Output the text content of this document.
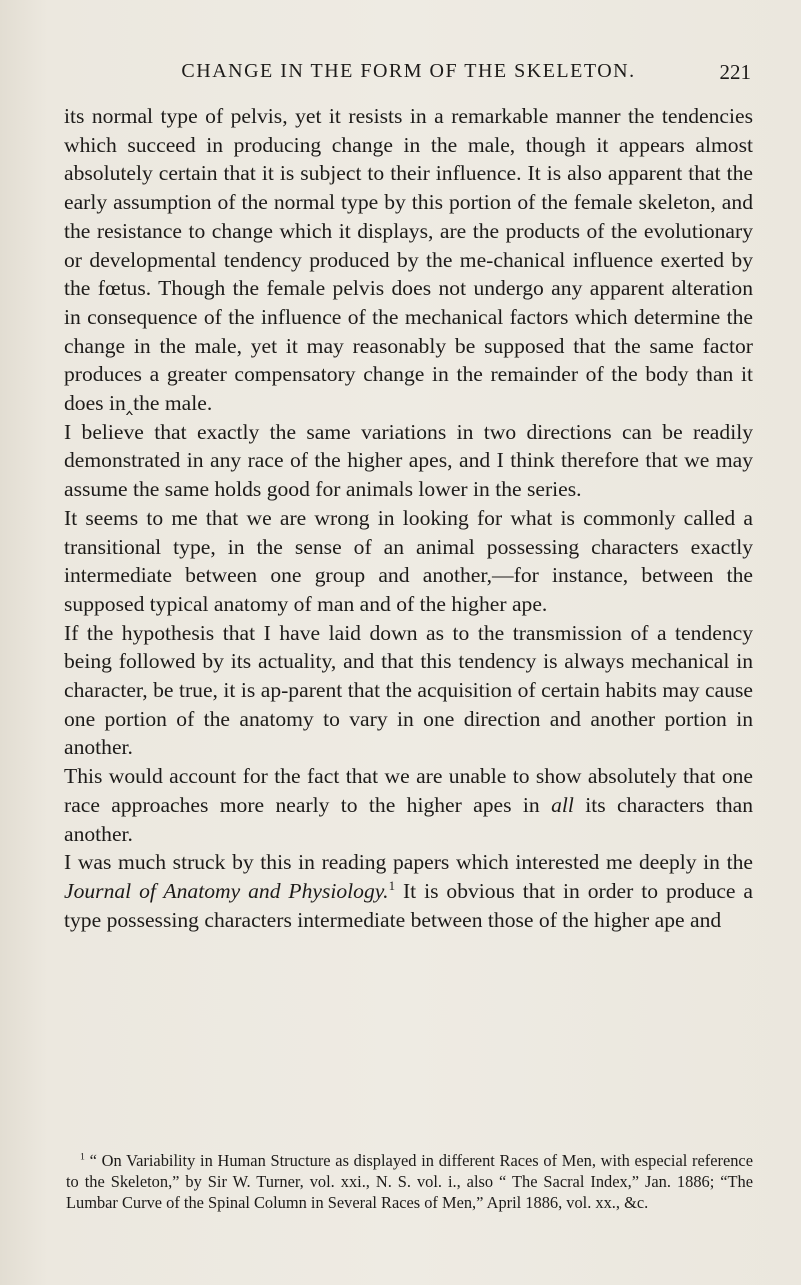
CHANGE IN THE FORM OF THE SKELETON.	221

its normal type of pelvis, yet it resists in a remarkable manner the tendencies which succeed in producing change in the male, though it appears almost absolutely certain that it is subject to their influence. It is also apparent that the early assumption of the normal type by this portion of the female skeleton, and the resistance to change which it displays, are the products of the evolutionary or developmental tendency produced by the me-chanical influence exerted by the fœtus. Though the female pelvis does not undergo any apparent alteration in consequence of the influence of the mechanical factors which determine the change in the male, yet it may reasonably be supposed that the same factor produces a greater compensatory change in the remainder of the body than it does in‸the male.

I believe that exactly the same variations in two directions can be readily demonstrated in any race of the higher apes, and I think therefore that we may assume the same holds good for animals lower in the series.

It seems to me that we are wrong in looking for what is commonly called a transitional type, in the sense of an animal possessing characters exactly intermediate between one group and another,—for instance, between the supposed typical anatomy of man and of the higher ape.

If the hypothesis that I have laid down as to the transmission of a tendency being followed by its actuality, and that this tendency is always mechanical in character, be true, it is ap-parent that the acquisition of certain habits may cause one portion of the anatomy to vary in one direction and another portion in another.

This would account for the fact that we are unable to show absolutely that one race approaches more nearly to the higher apes in all its characters than another.

I was much struck by this in reading papers which interested me deeply in the Journal of Anatomy and Physiology.$^1$ It is obvious that in order to produce a type possessing characters intermediate between those of the higher ape and

$^1$ “ On Variability in Human Structure as displayed in different Races of Men, with especial reference to the Skeleton,” by Sir W. Turner, vol. xxi., N. S. vol. i., also “ The Sacral Index,” Jan. 1886; “The Lumbar Curve of the Spinal Column in Several Races of Men,” April 1886, vol. xx., &c.
